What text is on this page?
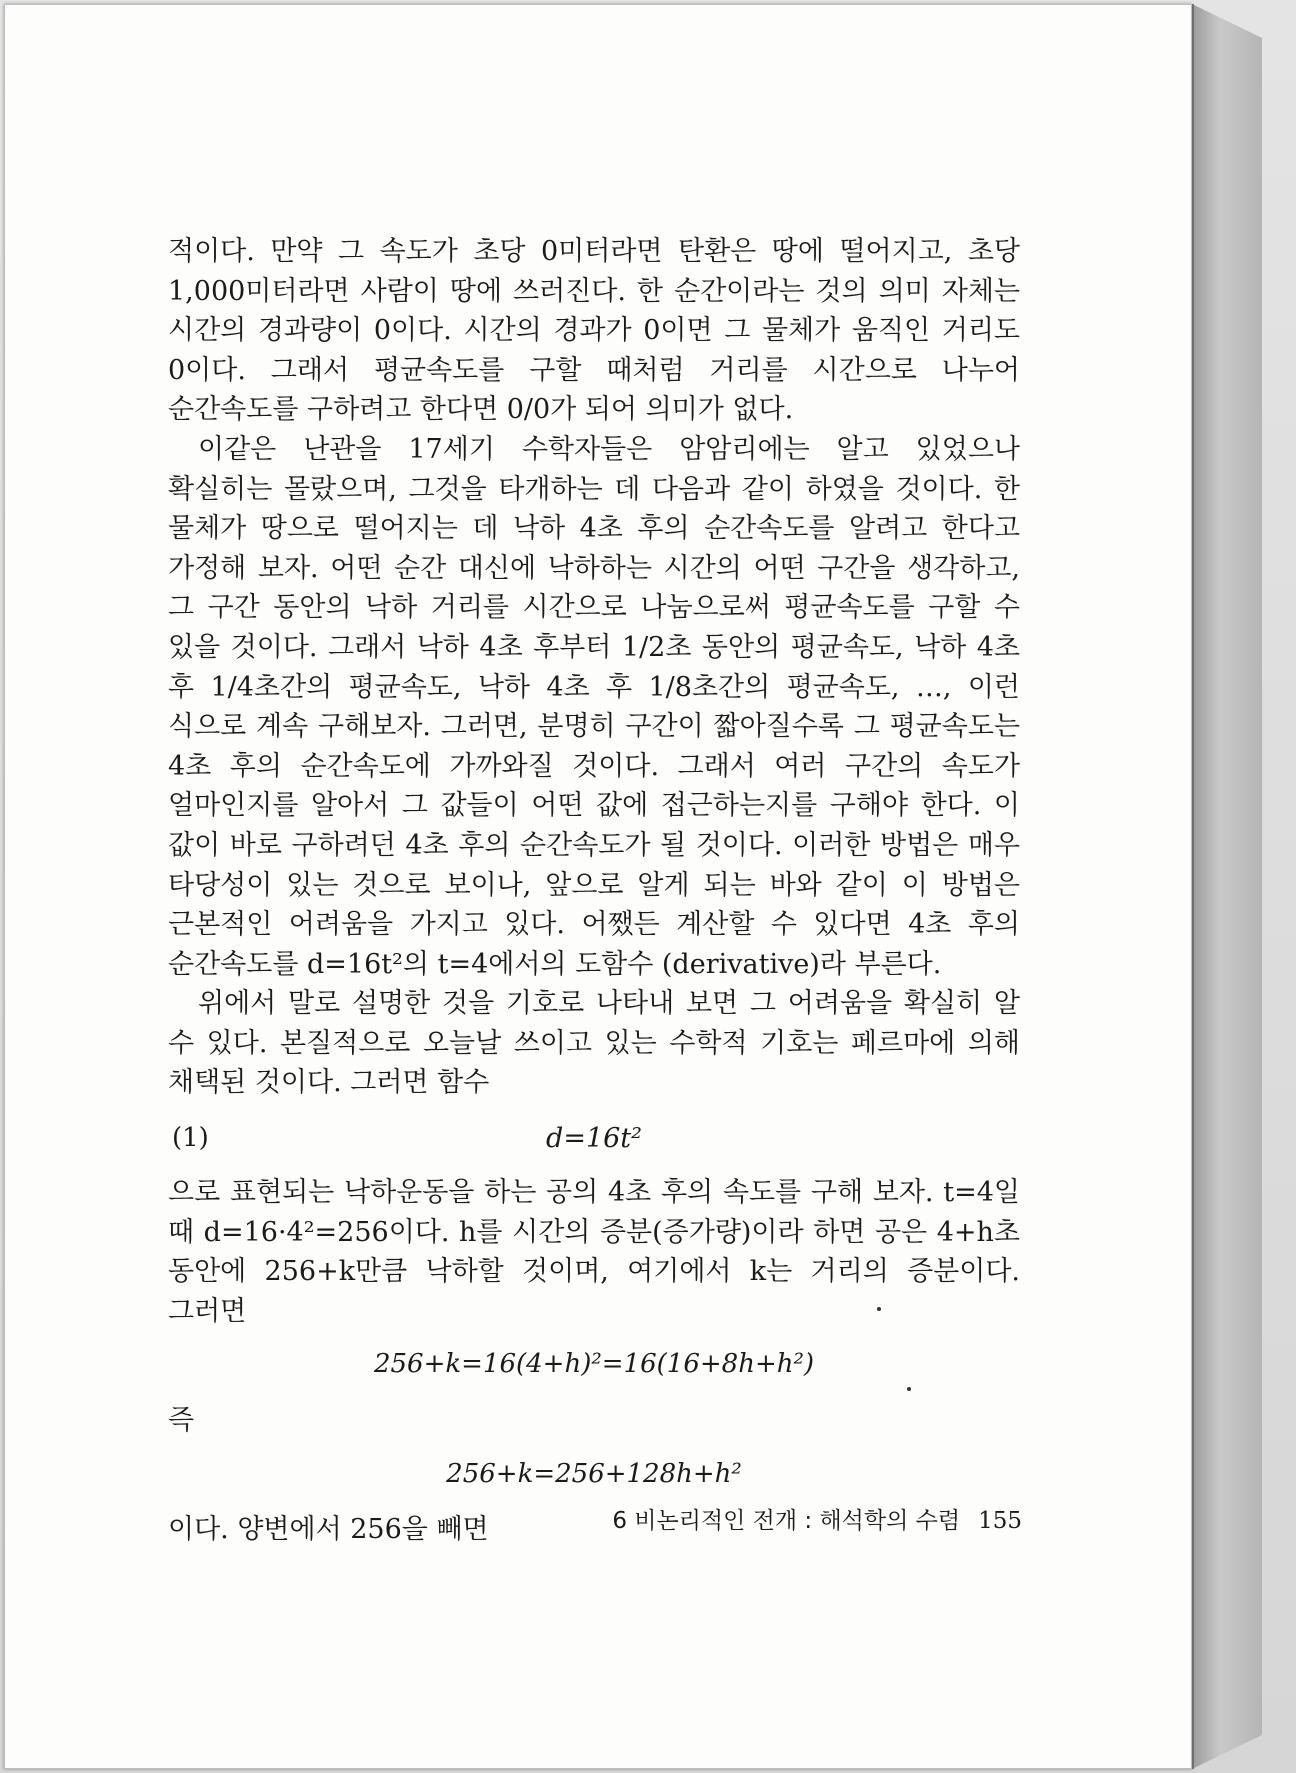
적이다. 만약 그 속도가 초당 0미터라면 탄환은 땅에 떨어지고, 초당 1,000미터라면 사람이 땅에 쓰러진다. 한 순간이라는 것의 의미 자체는 시간의 경과량이 0이다. 시간의 경과가 0이면 그 물체가 움직인 거리도 0이다. 그래서 평균속도를 구할 때처럼 거리를 시간으로 나누어 순간속도를 구하려고 한다면 0/0가 되어 의미가 없다.

이같은 난관을 17세기 수학자들은 암암리에는 알고 있었으나 확실히는 몰랐으며, 그것을 타개하는 데 다음과 같이 하였을 것이다. 한 물체가 땅으로 떨어지는 데 낙하 4초 후의 순간속도를 알려고 한다고 가정해 보자. 어떤 순간 대신에 낙하하는 시간의 어떤 구간을 생각하고, 그 구간 동안의 낙하 거리를 시간으로 나눔으로써 평균속도를 구할 수 있을 것이다. 그래서 낙하 4초 후부터 1/2초 동안의 평균속도, 낙하 4초 후 1/4초간의 평균속도, 낙하 4초 후 1/8초간의 평균속도, …, 이런 식으로 계속 구해보자. 그러면, 분명히 구간이 짧아질수록 그 평균속도는 4초 후의 순간속도에 가까와질 것이다. 그래서 여러 구간의 속도가 얼마인지를 알아서 그 값들이 어떤 값에 접근하는지를 구해야 한다. 이 값이 바로 구하려던 4초 후의 순간속도가 될 것이다. 이러한 방법은 매우 타당성이 있는 것으로 보이나, 앞으로 알게 되는 바와 같이 이 방법은 근본적인 어려움을 가지고 있다. 어쨌든 계산할 수 있다면 4초 후의 순간속도를 d=16t²의 t=4에서의 도함수 (derivative)라 부른다.

위에서 말로 설명한 것을 기호로 나타내 보면 그 어려움을 확실히 알 수 있다. 본질적으로 오늘날 쓰이고 있는 수학적 기호는 페르마에 의해 채택된 것이다. 그러면 함수

(1)	d=16t²

으로 표현되는 낙하운동을 하는 공의 4초 후의 속도를 구해 보자. t=4일 때 d=16·4²=256이다. h를 시간의 증분(증가량)이라 하면 공은 4+h초 동안에 256+k만큼 낙하할 것이며, 여기에서 k는 거리의 증분이다. 그러면

256+k=16(4+h)²=16(16+8h+h²)

즉

256+k=256+128h+h²

이다. 양변에서 256을 빼면	6 비논리적인 전개 : 해석학의 수렴 155
